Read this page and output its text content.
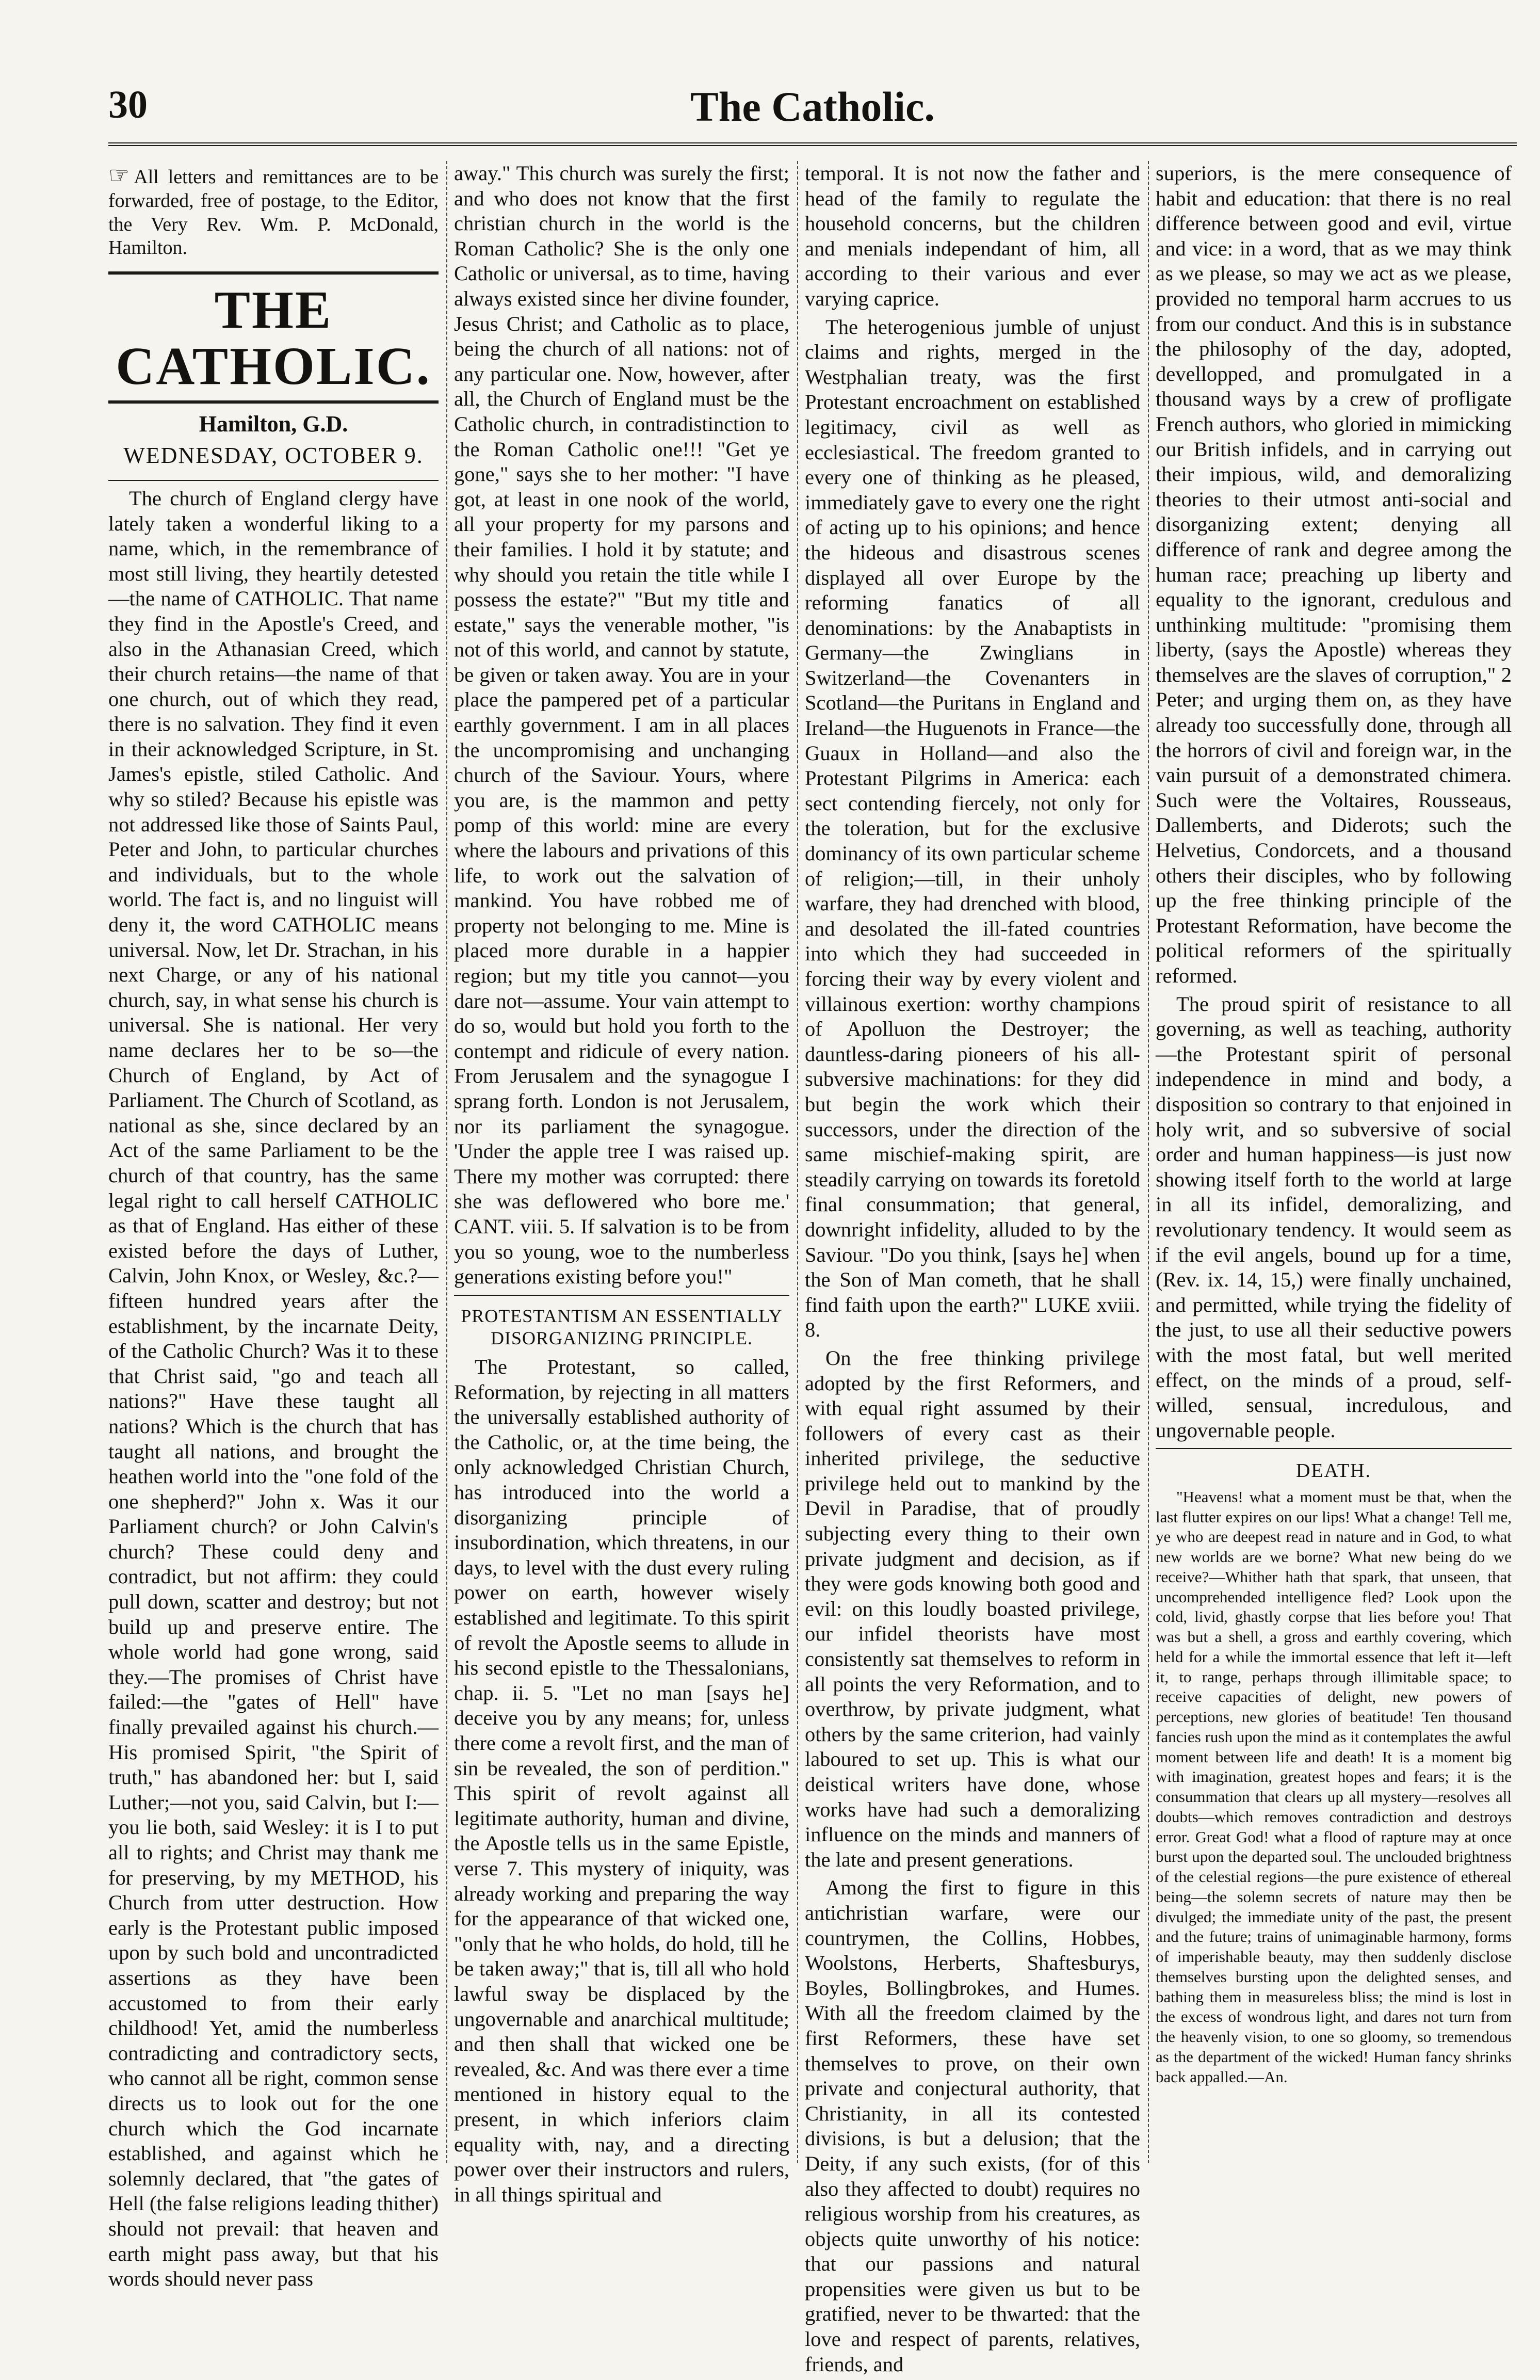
30	The Catholic.

☞ All letters and remittances are to be forwarded, free of postage, to the Editor, the Very Rev. Wm. P. McDonald, Hamilton.

THE CATHOLIC.
Hamilton, G.D.
WEDNESDAY, OCTOBER 9.

The church of England clergy have lately taken a wonderful liking to a name, which, in the remembrance of most still living, they heartily detested—the name of CATHOLIC. That name they find in the Apostle's Creed, and also in the Athanasian Creed, which their church retains—the name of that one church, out of which they read, there is no salvation. They find it even in their acknowledged Scripture, in St. James's epistle, stiled Catholic. And why so stiled? Because his epistle was not addressed like those of Saints Paul, Peter and John, to particular churches and individuals, but to the whole world. The fact is, and no linguist will deny it, the word CATHOLIC means universal. Now, let Dr. Strachan, in his next Charge, or any of his national church, say, in what sense his church is universal. She is national. Her very name declares her to be so—the Church of England, by Act of Parliament. The Church of Scotland, as national as she, since declared by an Act of the same Parliament to be the church of that country, has the same legal right to call herself CATHOLIC as that of England. Has either of these existed before the days of Luther, Calvin, John Knox, or Wesley, &c.?—fifteen hundred years after the establishment, by the incarnate Deity, of the Catholic Church? Was it to these that Christ said, "go and teach all nations?" Have these taught all nations? Which is the church that has taught all nations, and brought the heathen world into the "one fold of the one shepherd?" John x. Was it our Parliament church? or John Calvin's church? These could deny and contradict, but not affirm: they could pull down, scatter and destroy; but not build up and preserve entire. The whole world had gone wrong, said they.—The promises of Christ have failed:—the "gates of Hell" have finally prevailed against his church.—His promised Spirit, "the Spirit of truth," has abandoned her: but I, said Luther;—not you, said Calvin, but I:—you lie both, said Wesley: it is I to put all to rights; and Christ may thank me for preserving, by my METHOD, his Church from utter destruction. How early is the Protestant public imposed upon by such bold and uncontradicted assertions as they have been accustomed to from their early childhood! Yet, amid the numberless contradicting and contradictory sects, who cannot all be right, common sense directs us to look out for the one church which the God incarnate established, and against which he solemnly declared, that "the gates of Hell (the false religions leading thither) should not prevail: that heaven and earth might pass away, but that his words should never pass

away." This church was surely the first; and who does not know that the first christian church in the world is the Roman Catholic? She is the only one Catholic or universal, as to time, having always existed since her divine founder, Jesus Christ; and Catholic as to place, being the church of all nations: not of any particular one. Now, however, after all, the Church of England must be the Catholic church, in contradistinction to the Roman Catholic one!!! "Get ye gone," says she to her mother: "I have got, at least in one nook of the world, all your property for my parsons and their families. I hold it by statute; and why should you retain the title while I possess the estate?" "But my title and estate," says the venerable mother, "is not of this world, and cannot by statute, be given or taken away. You are in your place the pampered pet of a particular earthly government. I am in all places the uncompromising and unchanging church of the Saviour. Yours, where you are, is the mammon and petty pomp of this world: mine are every where the labours and privations of this life, to work out the salvation of mankind. You have robbed me of property not belonging to me. Mine is placed more durable in a happier region; but my title you cannot—you dare not—assume. Your vain attempt to do so, would but hold you forth to the contempt and ridicule of every nation. From Jerusalem and the synagogue I sprang forth. London is not Jerusalem, nor its parliament the synagogue. 'Under the apple tree I was raised up. There my mother was corrupted: there she was deflowered who bore me.' CANT. viii. 5. If salvation is to be from you so young, woe to the numberless generations existing before you!"

PROTESTANTISM AN ESSENTIALLY DISORGANIZING PRINCIPLE.

The Protestant, so called, Reformation, by rejecting in all matters the universally established authority of the Catholic, or, at the time being, the only acknowledged Christian Church, has introduced into the world a disorganizing principle of insubordination, which threatens, in our days, to level with the dust every ruling power on earth, however wisely established and legitimate. To this spirit of revolt the Apostle seems to allude in his second epistle to the Thessalonians, chap. ii. 5. "Let no man [says he] deceive you by any means; for, unless there come a revolt first, and the man of sin be revealed, the son of perdition." This spirit of revolt against all legitimate authority, human and divine, the Apostle tells us in the same Epistle, verse 7. This mystery of iniquity, was already working and preparing the way for the appearance of that wicked one, "only that he who holds, do hold, till he be taken away;" that is, till all who hold lawful sway be displaced by the ungovernable and anarchical multitude; and then shall that wicked one be revealed, &c. And was there ever a time mentioned in history equal to the present, in which inferiors claim equality with, nay, and a directing power over their instructors and rulers, in all things spiritual and

temporal. It is not now the father and head of the family to regulate the household concerns, but the children and menials independant of him, all according to their various and ever varying caprice.

The heterogenious jumble of unjust claims and rights, merged in the Westphalian treaty, was the first Protestant encroachment on established legitimacy, civil as well as ecclesiastical. The freedom granted to every one of thinking as he pleased, immediately gave to every one the right of acting up to his opinions; and hence the hideous and disastrous scenes displayed all over Europe by the reforming fanatics of all denominations: by the Anabaptists in Germany—the Zwinglians in Switzerland—the Covenanters in Scotland—the Puritans in England and Ireland—the Huguenots in France—the Guaux in Holland—and also the Protestant Pilgrims in America: each sect contending fiercely, not only for the toleration, but for the exclusive dominancy of its own particular scheme of religion;—till, in their unholy warfare, they had drenched with blood, and desolated the ill-fated countries into which they had succeeded in forcing their way by every violent and villainous exertion: worthy champions of Apolluon the Destroyer; the dauntless-daring pioneers of his all-subversive machinations: for they did but begin the work which their successors, under the direction of the same mischief-making spirit, are steadily carrying on towards its foretold final consummation; that general, downright infidelity, alluded to by the Saviour. "Do you think, [says he] when the Son of Man cometh, that he shall find faith upon the earth?" LUKE xviii. 8.

On the free thinking privilege adopted by the first Reformers, and with equal right assumed by their followers of every cast as their inherited privilege, the seductive privilege held out to mankind by the Devil in Paradise, that of proudly subjecting every thing to their own private judgment and decision, as if they were gods knowing both good and evil: on this loudly boasted privilege, our infidel theorists have most consistently sat themselves to reform in all points the very Reformation, and to overthrow, by private judgment, what others by the same criterion, had vainly laboured to set up. This is what our deistical writers have done, whose works have had such a demoralizing influence on the minds and manners of the late and present generations.

Among the first to figure in this antichristian warfare, were our countrymen, the Collins, Hobbes, Woolstons, Herberts, Shaftesburys, Boyles, Bollingbrokes, and Humes. With all the freedom claimed by the first Reformers, these have set themselves to prove, on their own private and conjectural authority, that Christianity, in all its contested divisions, is but a delusion; that the Deity, if any such exists, (for of this also they affected to doubt) requires no religious worship from his creatures, as objects quite unworthy of his notice: that our passions and natural propensities were given us but to be gratified, never to be thwarted: that the love and respect of parents, relatives, friends, and

superiors, is the mere consequence of habit and education: that there is no real difference between good and evil, virtue and vice: in a word, that as we may think as we please, so may we act as we please, provided no temporal harm accrues to us from our conduct. And this is in substance the philosophy of the day, adopted, devellopped, and promulgated in a thousand ways by a crew of profligate French authors, who gloried in mimicking our British infidels, and in carrying out their impious, wild, and demoralizing theories to their utmost anti-social and disorganizing extent; denying all difference of rank and degree among the human race; preaching up liberty and equality to the ignorant, credulous and unthinking multitude: "promising them liberty, (says the Apostle) whereas they themselves are the slaves of corruption," 2 Peter; and urging them on, as they have already too successfully done, through all the horrors of civil and foreign war, in the vain pursuit of a demonstrated chimera. Such were the Voltaires, Rousseaus, Dallemberts, and Diderots; such the Helvetius, Condorcets, and a thousand others their disciples, who by following up the free thinking principle of the Protestant Reformation, have become the political reformers of the spiritually reformed.

The proud spirit of resistance to all governing, as well as teaching, authority—the Protestant spirit of personal independence in mind and body, a disposition so contrary to that enjoined in holy writ, and so subversive of social order and human happiness—is just now showing itself forth to the world at large in all its infidel, demoralizing, and revolutionary tendency. It would seem as if the evil angels, bound up for a time, (Rev. ix. 14, 15,) were finally unchained, and permitted, while trying the fidelity of the just, to use all their seductive powers with the most fatal, but well merited effect, on the minds of a proud, self-willed, sensual, incredulous, and ungovernable people.

DEATH.

"Heavens! what a moment must be that, when the last flutter expires on our lips! What a change! Tell me, ye who are deepest read in nature and in God, to what new worlds are we borne? What new being do we receive?—Whither hath that spark, that unseen, that uncomprehended intelligence fled? Look upon the cold, livid, ghastly corpse that lies before you! That was but a shell, a gross and earthly covering, which held for a while the immortal essence that left it—left it, to range, perhaps through illimitable space; to receive capacities of delight, new powers of perceptions, new glories of beatitude! Ten thousand fancies rush upon the mind as it contemplates the awful moment between life and death! It is a moment big with imagination, greatest hopes and fears; it is the consummation that clears up all mystery—resolves all doubts—which removes contradiction and destroys error. Great God! what a flood of rapture may at once burst upon the departed soul. The unclouded brightness of the celestial regions—the pure existence of ethereal being—the solemn secrets of nature may then be divulged; the immediate unity of the past, the present and the future; trains of unimaginable harmony, forms of imperishable beauty, may then suddenly disclose themselves bursting upon the delighted senses, and bathing them in measureless bliss; the mind is lost in the excess of wondrous light, and dares not turn from the heavenly vision, to one so gloomy, so tremendous as the department of the wicked! Human fancy shrinks back appalled.—An.
